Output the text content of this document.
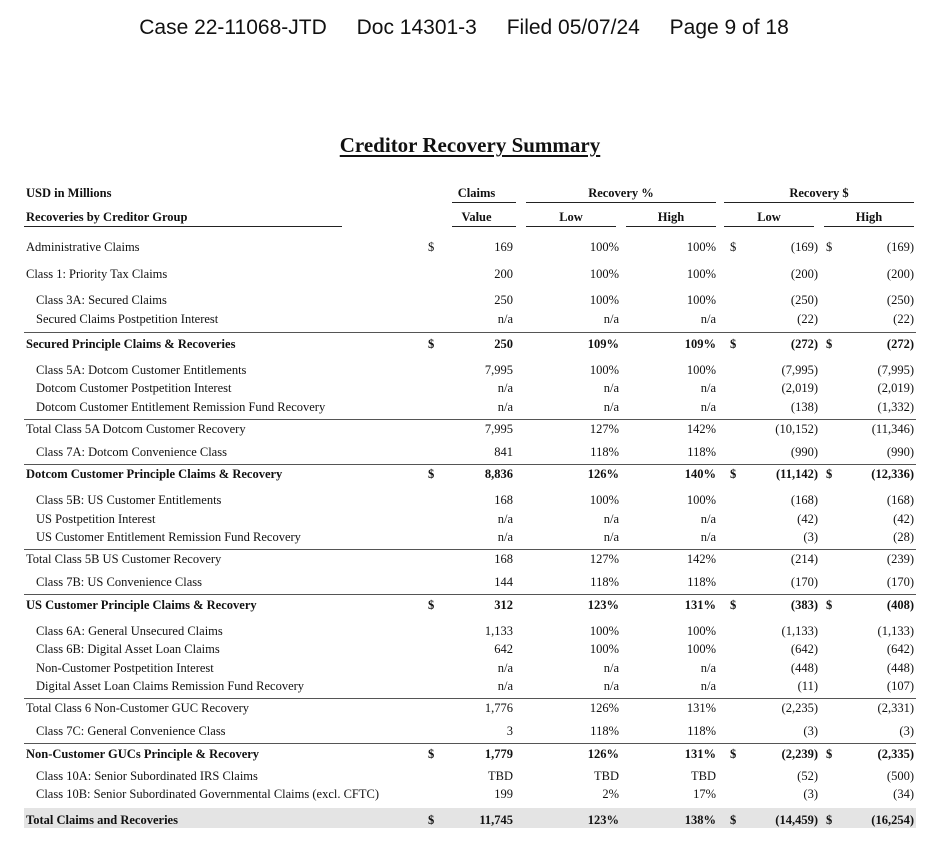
Case 22-11068-JTD Doc 14301-3 Filed 05/07/24 Page 9 of 18
Creditor Recovery Summary
USD in Millions	Claims	Recovery %	Recovery $
Recoveries by Creditor Group	Value	Low	High	Low	High
Administrative Claims	$	169	100%	100% $	(169) $	(169)
Class 1: Priority Tax Claims	200	100%	100%	(200)	(200)
Class 3A: Secured Claims	250	100%	100%	(250)	(250)
Secured Claims Postpetition Interest	n/a	n/a	n/a	(22)	(22)
Secured Principle Claims & Recoveries	$	250	109%	109% $	(272) $	(272)
Class 5A: Dotcom Customer Entitlements	7,995	100%	100%	(7,995)	(7,995)
Dotcom Customer Postpetition Interest	n/a	n/a	n/a	(2,019)	(2,019)
Dotcom Customer Entitlement Remission Fund Recovery	n/a	n/a	n/a	(138)	(1,332)
Total Class 5A Dotcom Customer Recovery	7,995	127%	142%	(10,152)	(11,346)
Class 7A: Dotcom Convenience Class	841	118%	118%	(990)	(990)
Dotcom Customer Principle Claims & Recovery	$	8,836	126%	140% $	(11,142) $	(12,336)
Class 5B: US Customer Entitlements	168	100%	100%	(168)	(168)
US Postpetition Interest	n/a	n/a	n/a	(42)	(42)
US Customer Entitlement Remission Fund Recovery	n/a	n/a	n/a	(3)	(28)
Total Class 5B US Customer Recovery	168	127%	142%	(214)	(239)
Class 7B: US Convenience Class	144	118%	118%	(170)	(170)
US Customer Principle Claims & Recovery	$	312	123%	131% $	(383) $	(408)
Class 6A: General Unsecured Claims	1,133	100%	100%	(1,133)	(1,133)
Class 6B: Digital Asset Loan Claims	642	100%	100%	(642)	(642)
Non-Customer Postpetition Interest	n/a	n/a	n/a	(448)	(448)
Digital Asset Loan Claims Remission Fund Recovery	n/a	n/a	n/a	(11)	(107)
Total Class 6 Non-Customer GUC Recovery	1,776	126%	131%	(2,235)	(2,331)
Class 7C: General Convenience Class	3	118%	118%	(3)	(3)
Non-Customer GUCs Principle & Recovery	$	1,779	126%	131% $	(2,239) $	(2,335)
Class 10A: Senior Subordinated IRS Claims	TBD	TBD	TBD	(52)	(500)
Class 10B: Senior Subordinated Governmental Claims (excl. CFTC)	199	2%	17%	(3)	(34)
Total Claims and Recoveries	$	11,745	123%	138% $	(14,459) $	(16,254)
